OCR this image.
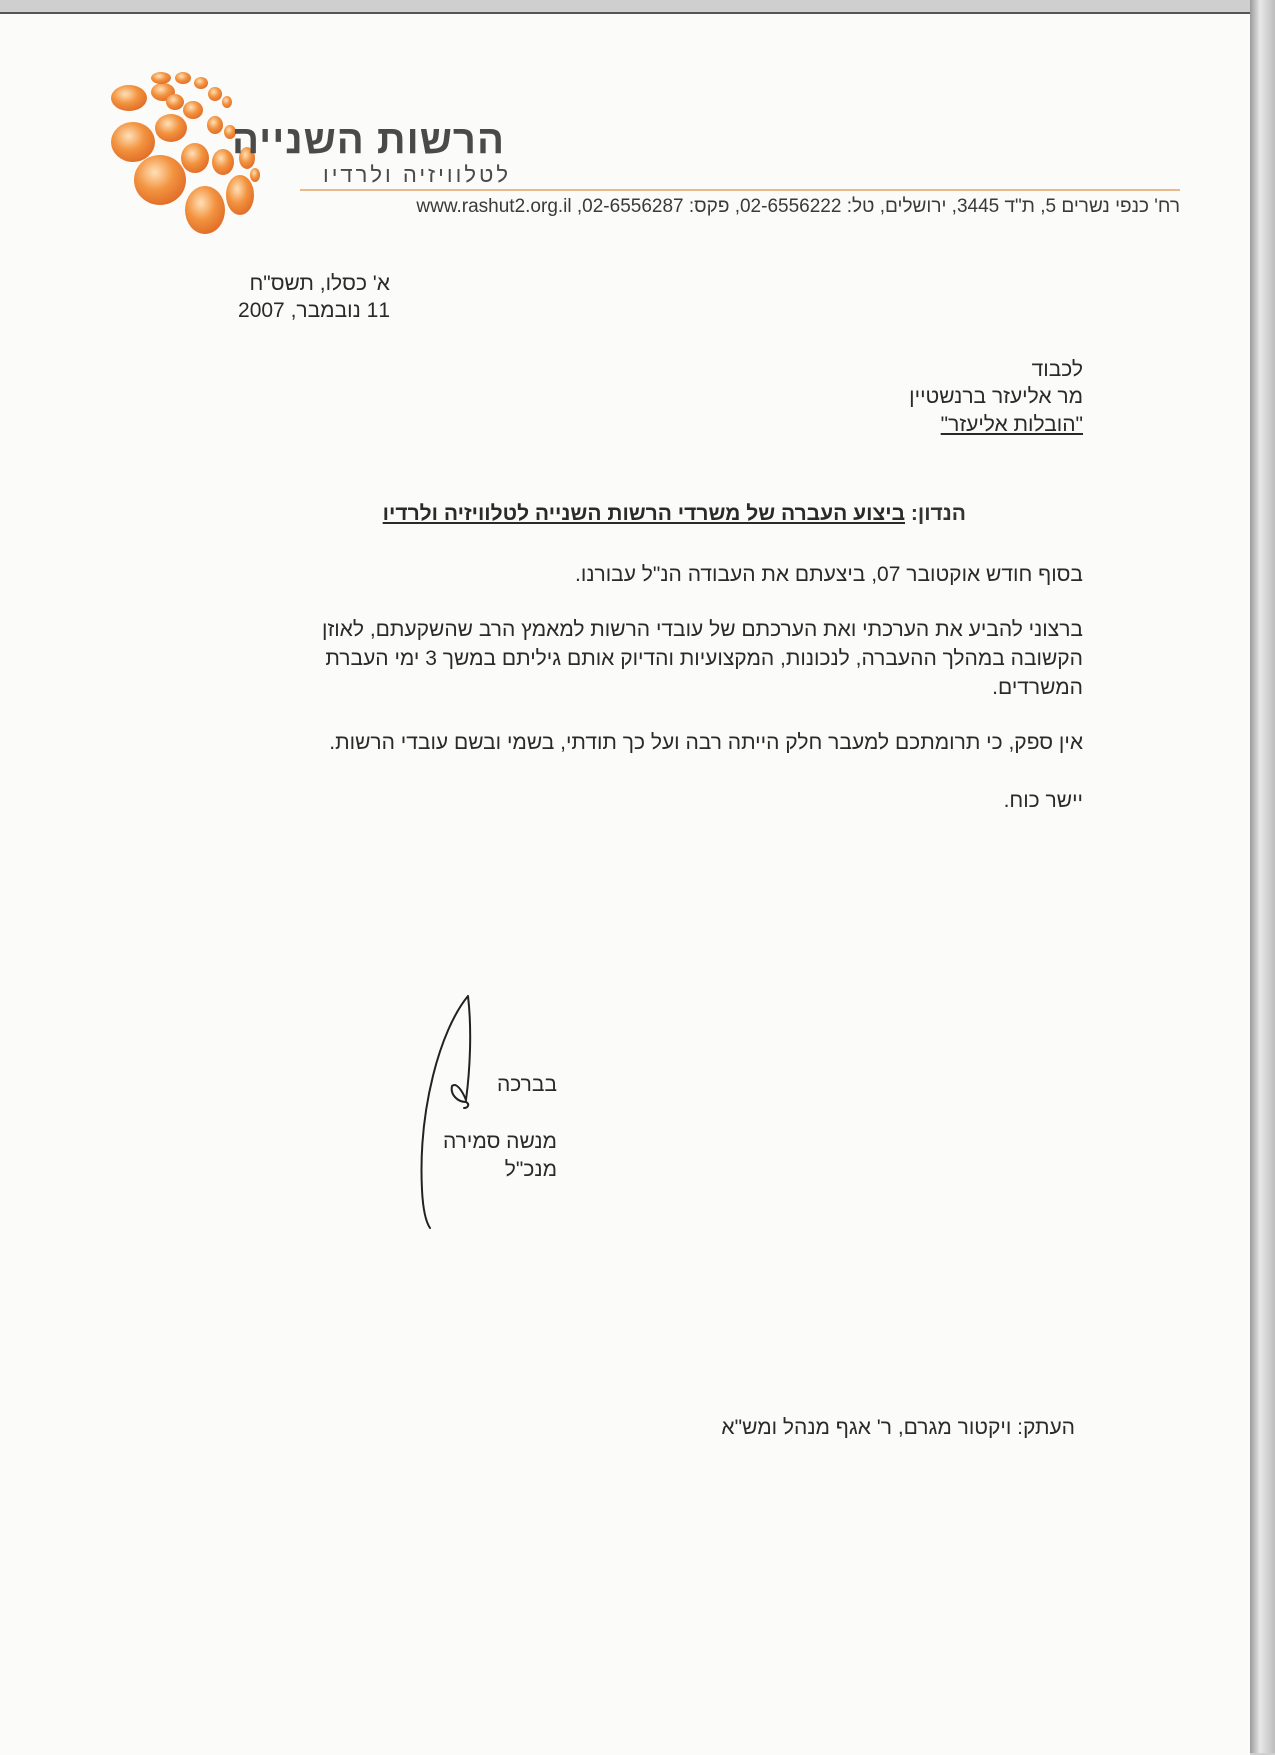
הרשות השנייה
לטלוויזיה ולרדיו
רח' כנפי נשרים 5, ת"ד 3445, ירושלים, טל: 02-6556222, פקס: 02-6556287, www.rashut2.org.il
א' כסלו, תשס"ח
11 נובמבר, 2007
לכבוד
מר אליעזר ברנשטיין
"הובלות אליעזר"
הנדון: ביצוע העברה של משרדי הרשות השנייה לטלוויזיה ולרדיו
בסוף חודש אוקטובר 07, ביצעתם את העבודה הנ"ל עבורנו.
ברצוני להביע את הערכתי ואת הערכתם של עובדי הרשות למאמץ הרב שהשקעתם, לאוזן
הקשובה במהלך ההעברה, לנכונות, המקצועיות והדיוק אותם גיליתם במשך 3 ימי העברת
המשרדים.
אין ספק, כי תרומתכם למעבר חלק הייתה רבה ועל כך תודתי, בשמי ובשם עובדי הרשות.
יישר כוח.
בברכה
מנשה סמירה
מנכ"ל
העתק: ויקטור מגרם, ר' אגף מנהל ומש"א
